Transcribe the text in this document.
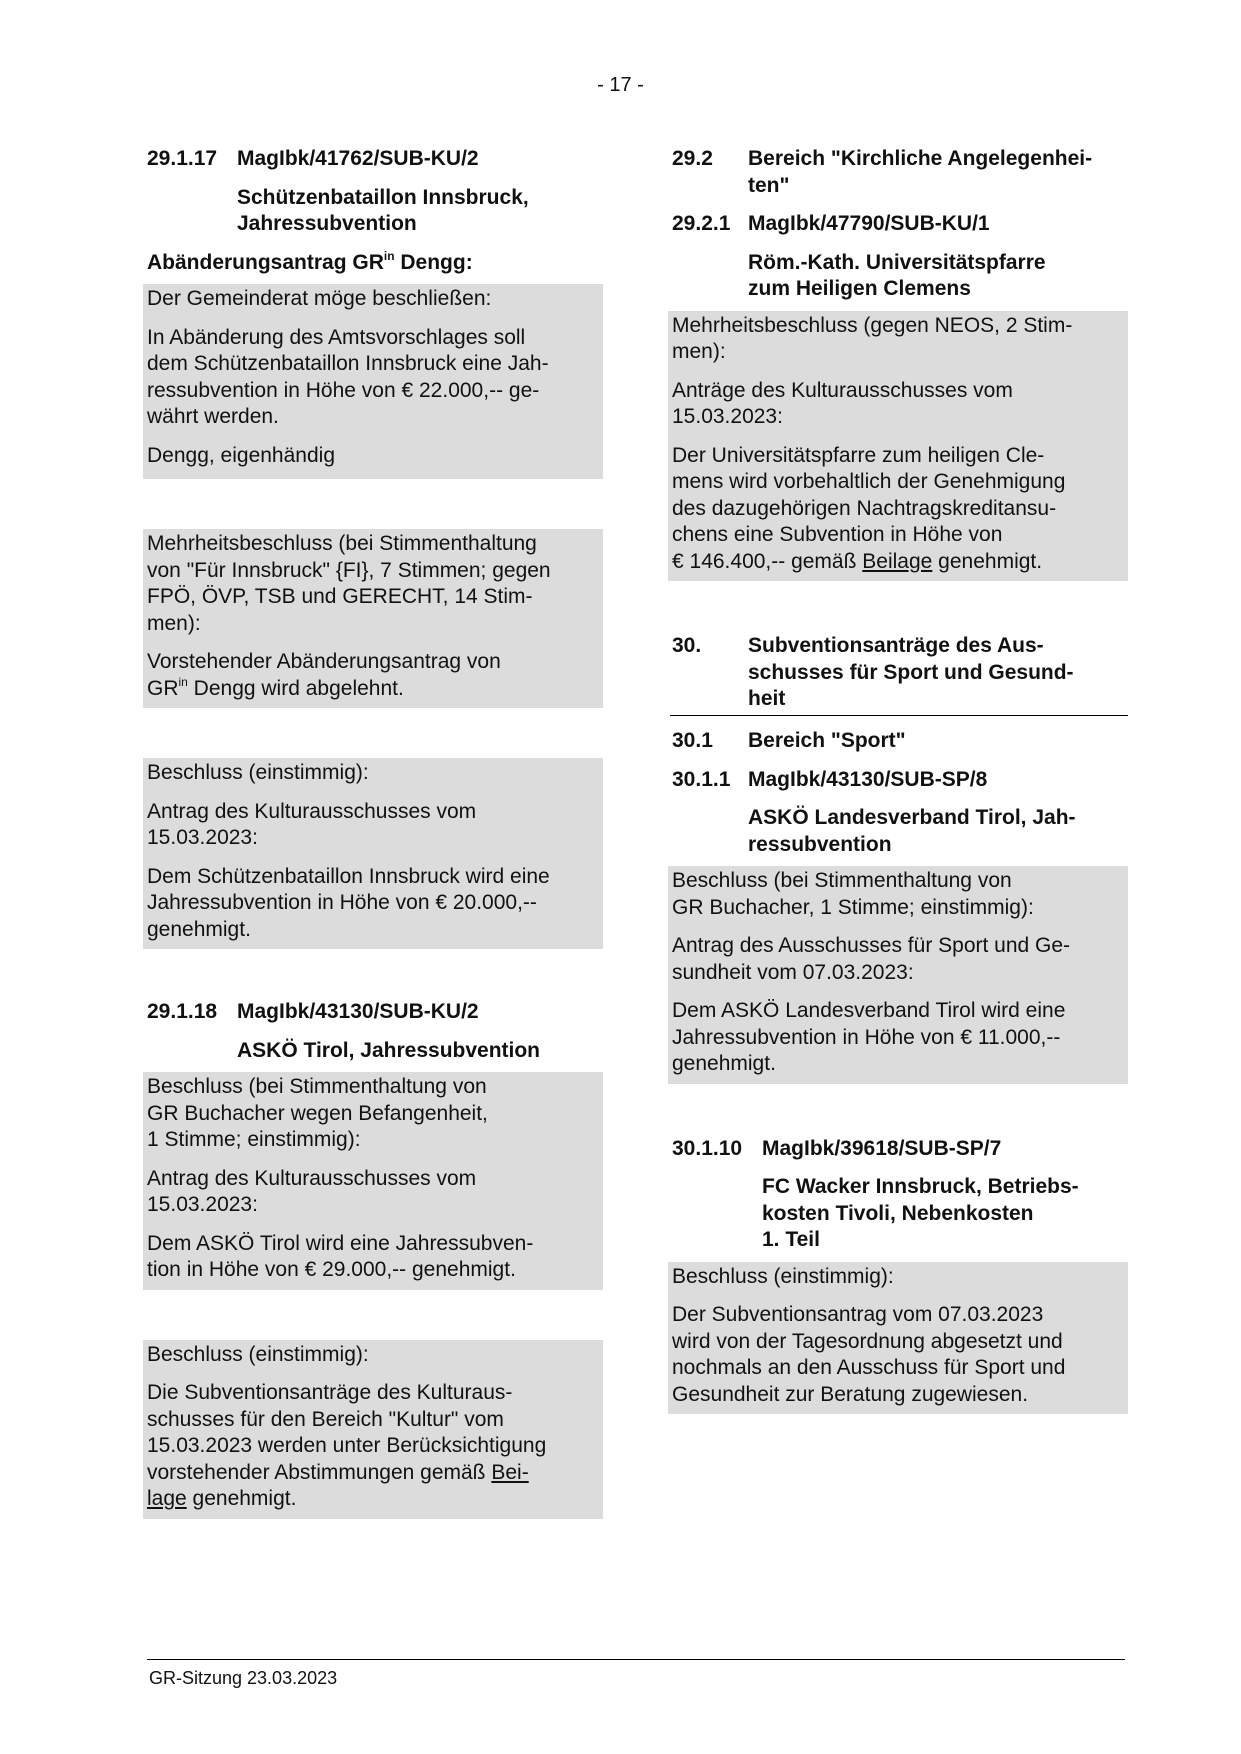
- 17 -
29.1.17 MagIbk/41762/SUB-KU/2
Schützenbataillon Innsbruck,
Jahressubvention
Abänderungsantrag $GR^{in}$ Dengg:

Der Gemeinderat möge beschließen:

In Abänderung des Amtsvorschlages soll
dem Schützenbataillon Innsbruck eine Jah-
ressubvention in Höhe von € 22.000,-- ge-
währt werden.

Dengg, eigenhändig

Mehrheitsbeschluss (bei Stimmenthaltung
von "Für Innsbruck" {FI}, 7 Stimmen; gegen
FPÖ, ÖVP, TSB und GERECHT, 14 Stim-
men):

Vorstehender Abänderungsantrag von
$GR^{in}$ Dengg wird abgelehnt.

Beschluss (einstimmig):

Antrag des Kulturausschusses vom
15.03.2023:

Dem Schützenbataillon Innsbruck wird eine
Jahressubvention in Höhe von € 20.000,--
genehmigt.

29.1.18 MagIbk/43130/SUB-KU/2
ASKÖ Tirol, Jahressubvention

Beschluss (bei Stimmenthaltung von
GR Buchacher wegen Befangenheit,
1 Stimme; einstimmig):

Antrag des Kulturausschusses vom
15.03.2023:

Dem ASKÖ Tirol wird eine Jahressubven-
tion in Höhe von € 29.000,-- genehmigt.

Beschluss (einstimmig):

Die Subventionsanträge des Kulturaus-
schusses für den Bereich "Kultur" vom
15.03.2023 werden unter Berücksichtigung
vorstehender Abstimmungen gemäß Bei-
lage genehmigt.

29.2	Bereich "Kirchliche Angelegenhei-
ten"
29.2.1 MagIbk/47790/SUB-KU/1
Röm.-Kath. Universitätspfarre
zum Heiligen Clemens

Mehrheitsbeschluss (gegen NEOS, 2 Stim-
men):

Anträge des Kulturausschusses vom
15.03.2023:

Der Universitätspfarre zum heiligen Cle-
mens wird vorbehaltlich der Genehmigung
des dazugehörigen Nachtragskreditansu-
chens eine Subvention in Höhe von
€ 146.400,-- gemäß Beilage genehmigt.

30.	Subventionsanträge des Aus-
schusses für Sport und Gesund-
heit
30.1	Bereich "Sport"
30.1.1 MagIbk/43130/SUB-SP/8
ASKÖ Landesverband Tirol, Jah-
ressubvention

Beschluss (bei Stimmenthaltung von
GR Buchacher, 1 Stimme; einstimmig):

Antrag des Ausschusses für Sport und Ge-
sundheit vom 07.03.2023:

Dem ASKÖ Landesverband Tirol wird eine
Jahressubvention in Höhe von € 11.000,--
genehmigt.

30.1.10 MagIbk/39618/SUB-SP/7
FC Wacker Innsbruck, Betriebs-
kosten Tivoli, Nebenkosten
1. Teil

Beschluss (einstimmig):

Der Subventionsantrag vom 07.03.2023
wird von der Tagesordnung abgesetzt und
nochmals an den Ausschuss für Sport und
Gesundheit zur Beratung zugewiesen.

GR-Sitzung 23.03.2023
